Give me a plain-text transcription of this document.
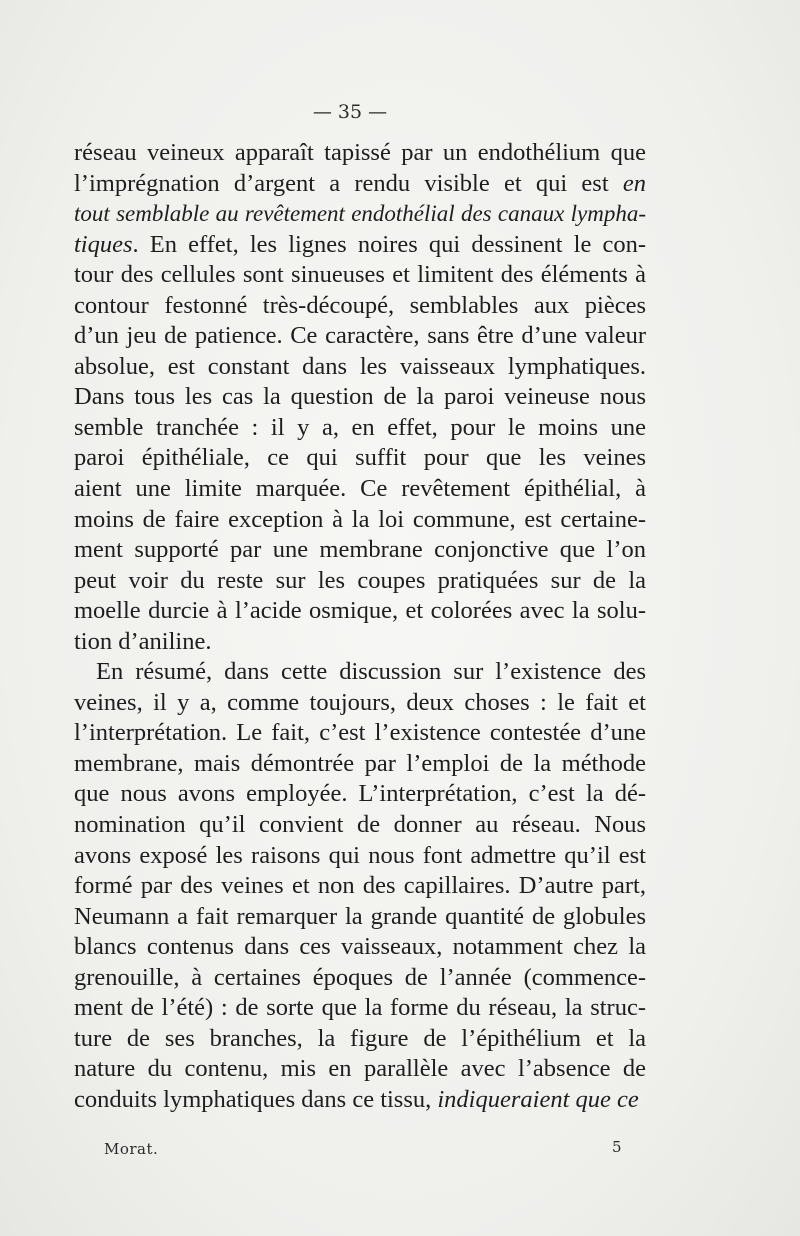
— 35 —
réseau veineux apparaît tapissé par un endothélium que
l’imprégnation d’argent a rendu visible et qui est en
tout semblable au revêtement endothélial des canaux lympha-
tiques. En effet, les lignes noires qui dessinent le con-
tour des cellules sont sinueuses et limitent des éléments à
contour festonné très-découpé, semblables aux pièces
d’un jeu de patience. Ce caractère, sans être d’une valeur
absolue, est constant dans les vaisseaux lymphatiques.
Dans tous les cas la question de la paroi veineuse nous
semble tranchée : il y a, en effet, pour le moins une
paroi épithéliale, ce qui suffit pour que les veines
aient une limite marquée. Ce revêtement épithélial, à
moins de faire exception à la loi commune, est certaine-
ment supporté par une membrane conjonctive que l’on
peut voir du reste sur les coupes pratiquées sur de la
moelle durcie à l’acide osmique, et colorées avec la solu-
tion d’aniline.
En résumé, dans cette discussion sur l’existence des
veines, il y a, comme toujours, deux choses : le fait et
l’interprétation. Le fait, c’est l’existence contestée d’une
membrane, mais démontrée par l’emploi de la méthode
que nous avons employée. L’interprétation, c’est la dé-
nomination qu’il convient de donner au réseau. Nous
avons exposé les raisons qui nous font admettre qu’il est
formé par des veines et non des capillaires. D’autre part,
Neumann a fait remarquer la grande quantité de globules
blancs contenus dans ces vaisseaux, notamment chez la
grenouille, à certaines époques de l’année (commence-
ment de l’été) : de sorte que la forme du réseau, la struc-
ture de ses branches, la figure de l’épithélium et la
nature du contenu, mis en parallèle avec l’absence de
conduits lymphatiques dans ce tissu, indiqueraient que ce
Morat.	5
